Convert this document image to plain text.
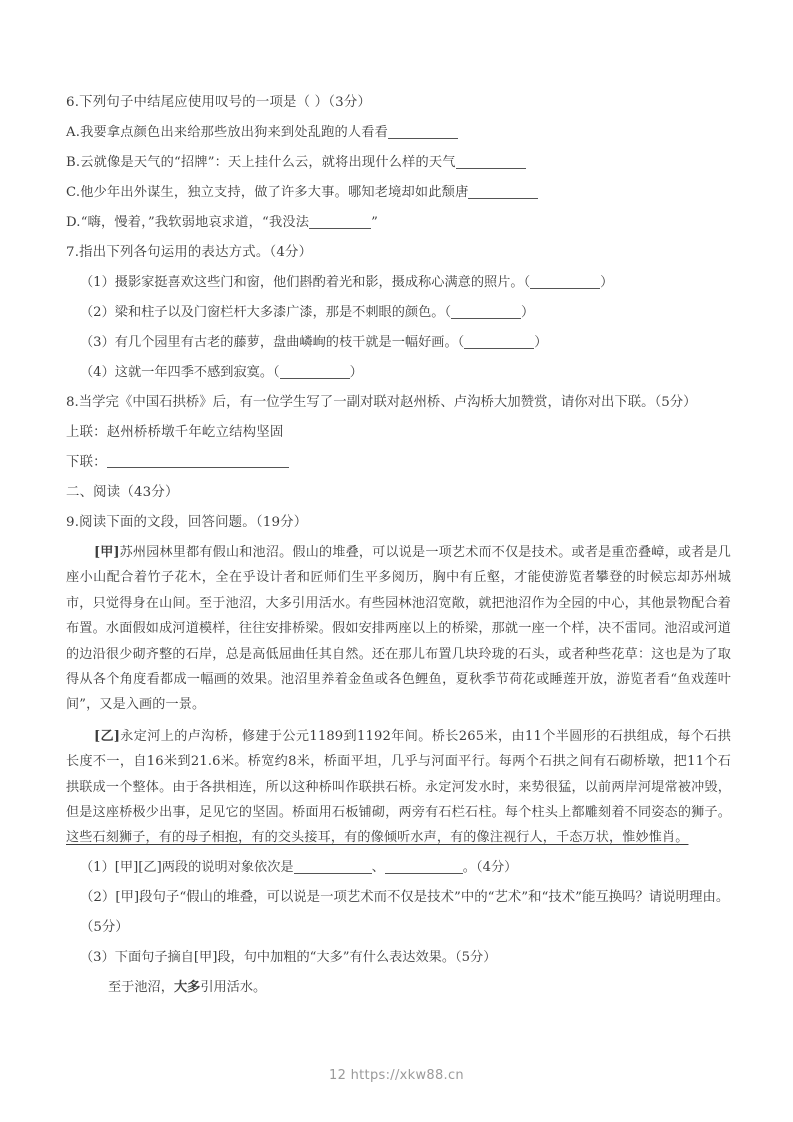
6.下列句子中结尾应使用叹号的一项是（ ）（3分）
A.我要拿点颜色出来给那些放出狗来到处乱跑的人看看
B.云就像是天气的“招牌”：天上挂什么云，就将出现什么样的天气
C.他少年出外谋生，独立支持，做了许多大事。哪知老境却如此颓唐
D.“嗨，慢着，”我软弱地哀求道，“我没法	”
7.指出下列各句运用的表达方式。（4分）
（1）摄影家挺喜欢这些门和窗，他们斟酌着光和影，摄成称心满意的照片。（	）
（2）梁和柱子以及门窗栏杆大多漆广漆，那是不刺眼的颜色。（	）
（3）有几个园里有古老的藤萝，盘曲嶙峋的枝干就是一幅好画。（	）
（4）这就一年四季不感到寂寞。（	）
8.当学完《中国石拱桥》后，有一位学生写了一副对联对赵州桥、卢沟桥大加赞赏，请你对出下联。（5分）
上联：赵州桥桥墩千年屹立结构坚固
下联：
二、阅读（43分）
9.阅读下面的文段，回答问题。（19分）
[甲]苏州园林里都有假山和池沼。假山的堆叠，可以说是一项艺术而不仅是技术。或者是重峦叠嶂，或者是几座小山配合着竹子花木，全在乎设计者和匠师们生平多阅历，胸中有丘壑，才能使游览者攀登的时候忘却苏州城市，只觉得身在山间。至于池沼，大多引用活水。有些园林池沼宽敞，就把池沼作为全园的中心，其他景物配合着布置。水面假如成河道模样，往往安排桥梁。假如安排两座以上的桥梁，那就一座一个样，决不雷同。池沼或河道的边沿很少砌齐整的石岸，总是高低屈曲任其自然。还在那儿布置几块玲珑的石头，或者种些花草：这也是为了取得从各个角度看都成一幅画的效果。池沼里养着金鱼或各色鲤鱼，夏秋季节荷花或睡莲开放，游览者看“鱼戏莲叶间”，又是入画的一景。
[乙]永定河上的卢沟桥，修建于公元1189到1192年间。桥长265米，由11个半圆形的石拱组成，每个石拱长度不一，自16米到21.6米。桥宽约8米，桥面平坦，几乎与河面平行。每两个石拱之间有石砌桥墩，把11个石拱联成一个整体。由于各拱相连，所以这种桥叫作联拱石桥。永定河发水时，来势很猛，以前两岸河堤常被冲毁，但是这座桥极少出事，足见它的坚固。桥面用石板铺砌，两旁有石栏石柱。每个柱头上都雕刻着不同姿态的狮子。这些石刻狮子，有的母子相抱，有的交头接耳，有的像倾听水声，有的像注视行人，千态万状，惟妙惟肖。
（1）[甲][乙]两段的说明对象依次是	、	。（4分）
（2）[甲]段句子“假山的堆叠，可以说是一项艺术而不仅是技术”中的“艺术”和“技术”能互换吗？请说明理由。（5分）
（3）下面句子摘自[甲]段，句中加粗的“大多”有什么表达效果。（5分）
至于池沼，大多引用活水。
12 https://xkw88.cn
